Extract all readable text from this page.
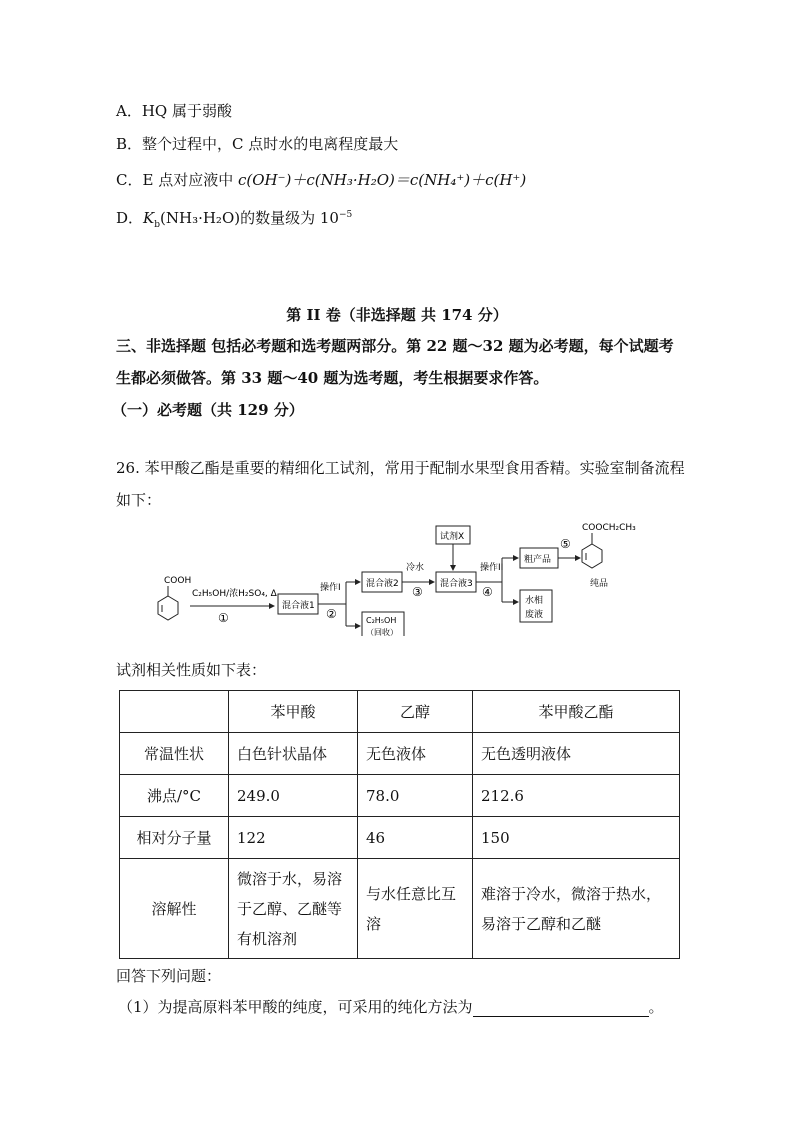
A．HQ 属于弱酸
B．整个过程中，C 点时水的电离程度最大
C．E 点对应液中 c(OH⁻)＋c(NH₃·H₂O)＝c(NH₄⁺)＋c(H⁺)
D．$K_b(NH_3\cdot H_2O)$的数量级为 $10^{-5}$
第 II 卷（非选择题 共 174 分）
三、非选择题 包括必考题和选考题两部分。第 22 题～32 题为必考题，每个试题考生都必须做答。第 33 题～40 题为选考题，考生根据要求作答。
（一）必考题（共 129 分）
26. 苯甲酸乙酯是重要的精细化工试剂，常用于配制水果型食用香精。实验室制备流程如下：
COOH
C₂H₅OH/浓H₂SO₄, Δ
①
混合液1
操作I
②
混合液2
C₂H₅OH
（回收）
冷水
③
试剂X
混合液3
操作II
④
粗产品
水相
废液
⑤
COOCH₂CH₃
纯品
试剂相关性质如下表：
	苯甲酸	乙醇	苯甲酸乙酯
常温性状	白色针状晶体	无色液体	无色透明液体
沸点/°C	249.0	78.0	212.6
相对分子量	122	46	150
溶解性	微溶于水，易溶于乙醇、乙醚等有机溶剂	与水任意比互溶	难溶于冷水，微溶于热水，易溶于乙醇和乙醚
回答下列问题：
（1）为提高原料苯甲酸的纯度，可采用的纯化方法为	。
